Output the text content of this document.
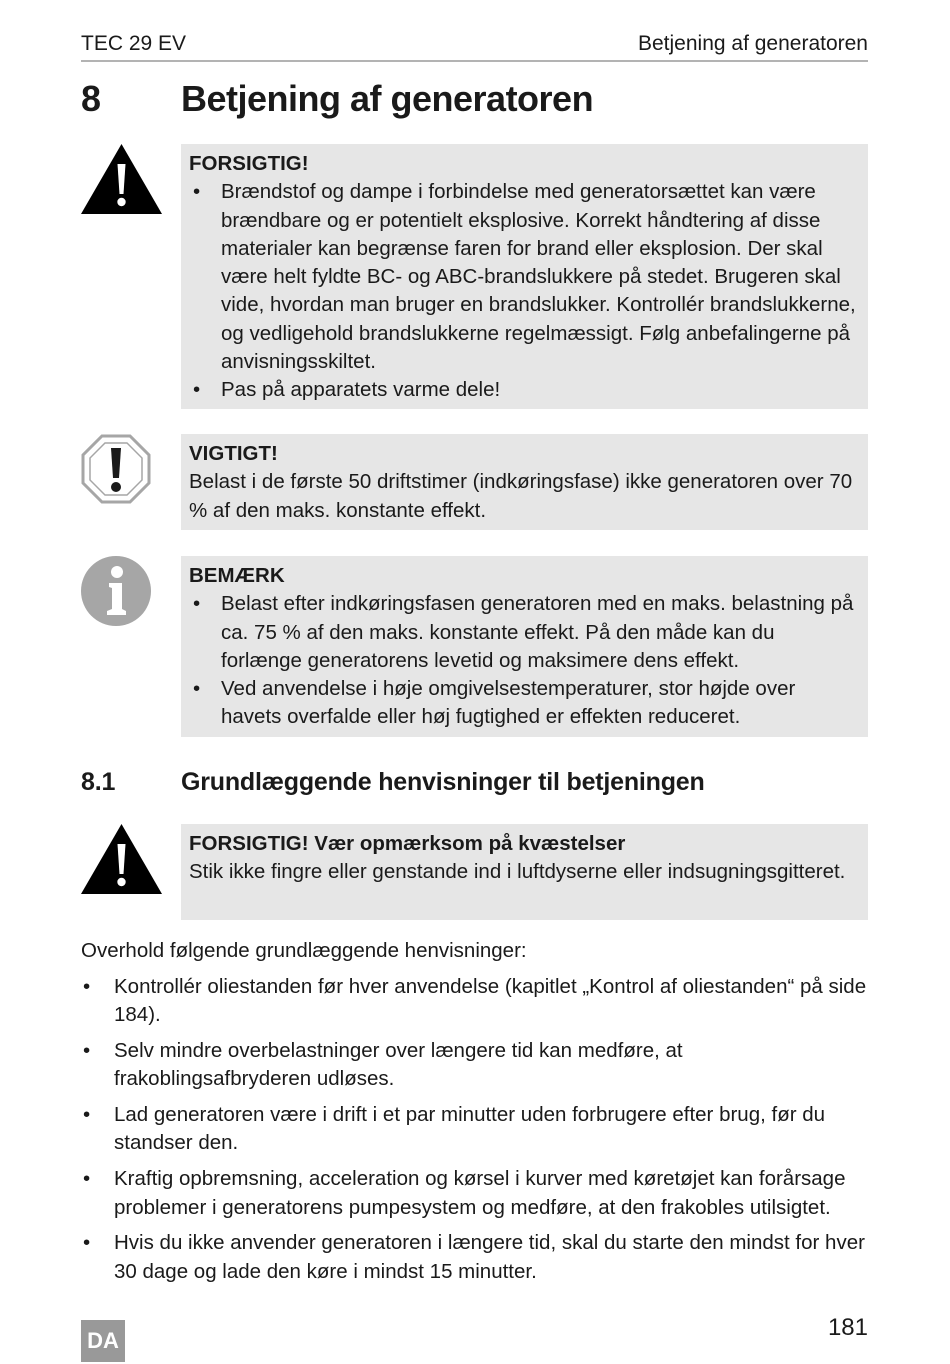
TEC 29 EV	Betjening af generatoren
8 Betjening af generatoren
FORSIGTIG!
• Brændstof og dampe i forbindelse med generatorsættet kan være brændbare og er potentielt eksplosive. Korrekt håndtering af disse materialer kan begrænse faren for brand eller eksplosion. Der skal være helt fyldte BC- og ABC-brandslukkere på stedet. Brugeren skal vide, hvordan man bruger en brandslukker. Kontrollér brandslukkerne, og vedligehold brandslukkerne regelmæssigt. Følg anbefalingerne på anvisningsskiltet.
• Pas på apparatets varme dele!
VIGTIGT!
Belast i de første 50 driftstimer (indkøringsfase) ikke generatoren over 70 % af den maks. konstante effekt.
BEMÆRK
• Belast efter indkøringsfasen generatoren med en maks. belastning på ca. 75 % af den maks. konstante effekt. På den måde kan du forlænge generatorens levetid og maksimere dens effekt.
• Ved anvendelse i høje omgivelsestemperaturer, stor højde over havets overfalde eller høj fugtighed er effekten reduceret.
8.1	Grundlæggende henvisninger til betjeningen
FORSIGTIG! Vær opmærksom på kvæstelser
Stik ikke fingre eller genstande ind i luftdyserne eller indsugningsgitteret.
Overhold følgende grundlæggende henvisninger:
• Kontrollér oliestanden før hver anvendelse (kapitlet „Kontrol af oliestanden“ på side 184).
• Selv mindre overbelastninger over længere tid kan medføre, at frakoblingsafbryderen udløses.
• Lad generatoren være i drift i et par minutter uden forbrugere efter brug, før du standser den.
• Kraftig opbremsning, acceleration og kørsel i kurver med køretøjet kan forårsage problemer i generatorens pumpesystem og medføre, at den frakobles utilsigtet.
• Hvis du ikke anvender generatoren i længere tid, skal du starte den mindst for hver 30 dage og lade den køre i mindst 15 minutter.
DA	181
